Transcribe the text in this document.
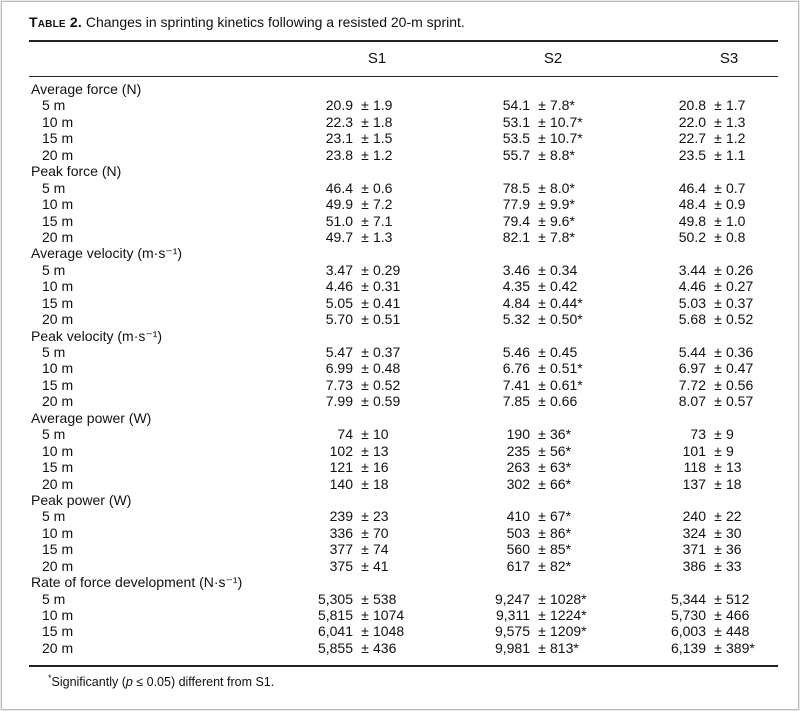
Table 2. Changes in sprinting kinetics following a resisted 20-m sprint.
S1	S2	S3
Average force (N)
5 m	20.9 ± 1.9	54.1 ± 7.8*	20.8 ± 1.7
10 m	22.3 ± 1.8	53.1 ± 10.7*	22.0 ± 1.3
15 m	23.1 ± 1.5	53.5 ± 10.7*	22.7 ± 1.2
20 m	23.8 ± 1.2	55.7 ± 8.8*	23.5 ± 1.1
Peak force (N)
5 m	46.4 ± 0.6	78.5 ± 8.0*	46.4 ± 0.7
10 m	49.9 ± 7.2	77.9 ± 9.9*	48.4 ± 0.9
15 m	51.0 ± 7.1	79.4 ± 9.6*	49.8 ± 1.0
20 m	49.7 ± 1.3	82.1 ± 7.8*	50.2 ± 0.8
Average velocity (m·s⁻¹)
5 m	3.47 ± 0.29	3.46 ± 0.34	3.44 ± 0.26
10 m	4.46 ± 0.31	4.35 ± 0.42	4.46 ± 0.27
15 m	5.05 ± 0.41	4.84 ± 0.44*	5.03 ± 0.37
20 m	5.70 ± 0.51	5.32 ± 0.50*	5.68 ± 0.52
Peak velocity (m·s⁻¹)
5 m	5.47 ± 0.37	5.46 ± 0.45	5.44 ± 0.36
10 m	6.99 ± 0.48	6.76 ± 0.51*	6.97 ± 0.47
15 m	7.73 ± 0.52	7.41 ± 0.61*	7.72 ± 0.56
20 m	7.99 ± 0.59	7.85 ± 0.66	8.07 ± 0.57
Average power (W)
5 m	74 ± 10	190 ± 36*	73 ± 9
10 m	102 ± 13	235 ± 56*	101 ± 9
15 m	121 ± 16	263 ± 63*	118 ± 13
20 m	140 ± 18	302 ± 66*	137 ± 18
Peak power (W)
5 m	239 ± 23	410 ± 67*	240 ± 22
10 m	336 ± 70	503 ± 86*	324 ± 30
15 m	377 ± 74	560 ± 85*	371 ± 36
20 m	375 ± 41	617 ± 82*	386 ± 33
Rate of force development (N·s⁻¹)
5 m	5,305 ± 538	9,247 ± 1028*	5,344 ± 512
10 m	5,815 ± 1074	9,311 ± 1224*	5,730 ± 466
15 m	6,041 ± 1048	9,575 ± 1209*	6,003 ± 448
20 m	5,855 ± 436	9,981 ± 813*	6,139 ± 389*
*Significantly (p ≤ 0.05) different from S1.
